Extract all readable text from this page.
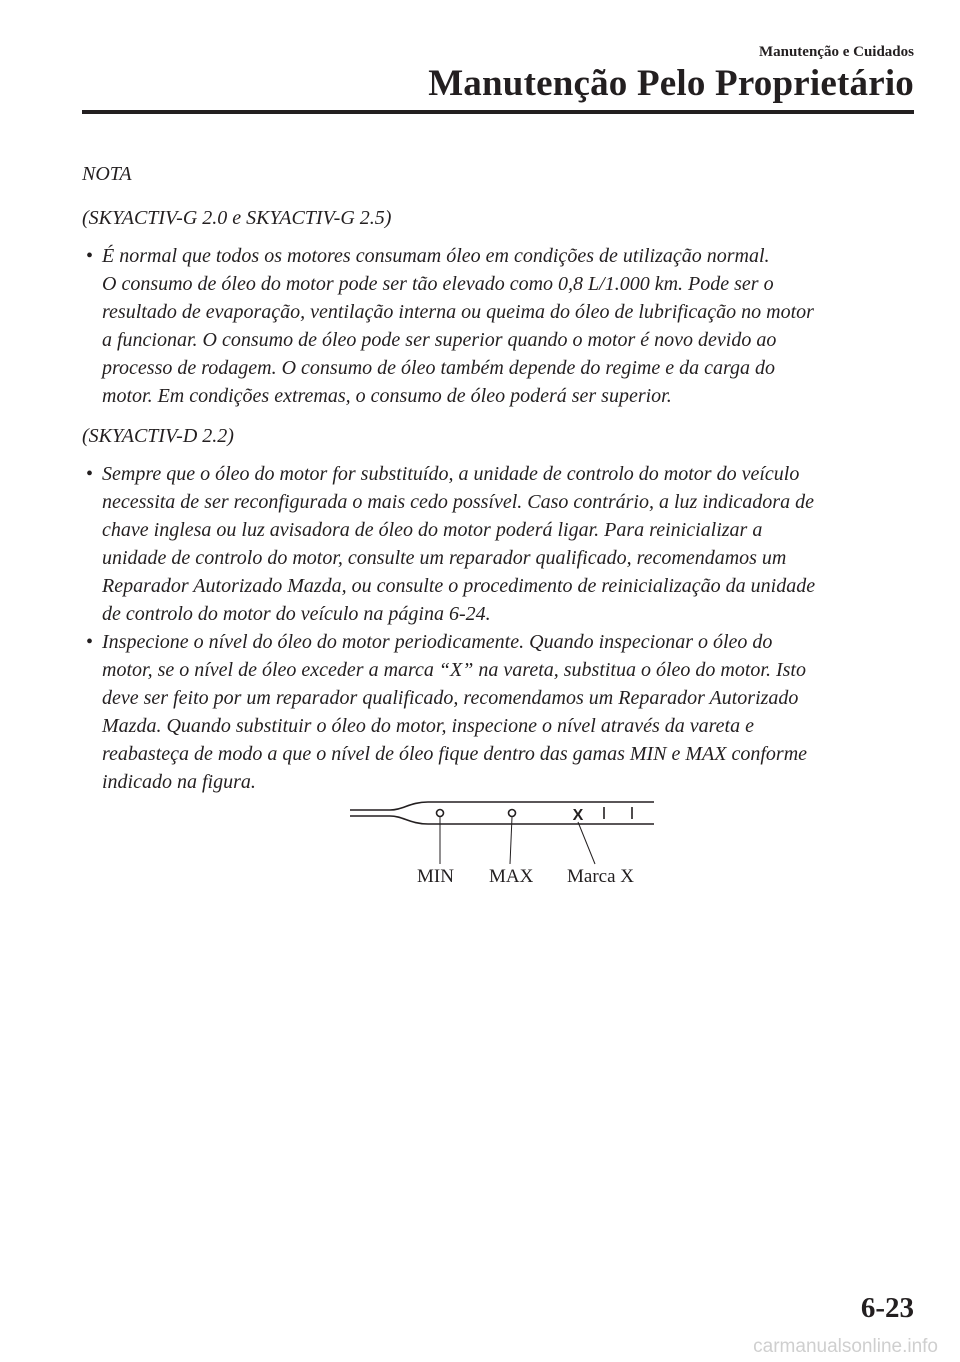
Manutenção e Cuidados
Manutenção Pelo Proprietário
NOTA
(SKYACTIV-G 2.0 e SKYACTIV-G 2.5)
• É normal que todos os motores consumam óleo em condições de utilização normal.
O consumo de óleo do motor pode ser tão elevado como 0,8 L/1.000 km. Pode ser o
resultado de evaporação, ventilação interna ou queima do óleo de lubrificação no motor
a funcionar. O consumo de óleo pode ser superior quando o motor é novo devido ao
processo de rodagem. O consumo de óleo também depende do regime e da carga do
motor. Em condições extremas, o consumo de óleo poderá ser superior.
(SKYACTIV-D 2.2)
• Sempre que o óleo do motor for substituído, a unidade de controlo do motor do veículo
necessita de ser reconfigurada o mais cedo possível. Caso contrário, a luz indicadora de
chave inglesa ou luz avisadora de óleo do motor poderá ligar. Para reinicializar a
unidade de controlo do motor, consulte um reparador qualificado, recomendamos um
Reparador Autorizado Mazda, ou consulte o procedimento de reinicialização da unidade
de controlo do motor do veículo na página 6-24.
• Inspecione o nível do óleo do motor periodicamente. Quando inspecionar o óleo do
motor, se o nível de óleo exceder a marca “X” na vareta, substitua o óleo do motor. Isto
deve ser feito por um reparador qualificado, recomendamos um Reparador Autorizado
Mazda. Quando substituir o óleo do motor, inspecione o nível através da vareta e
reabasteça de modo a que o nível de óleo fique dentro das gamas MIN e MAX conforme
indicado na figura.
X
MIN MAX Marca X
6-23
carmanualsonline.info
